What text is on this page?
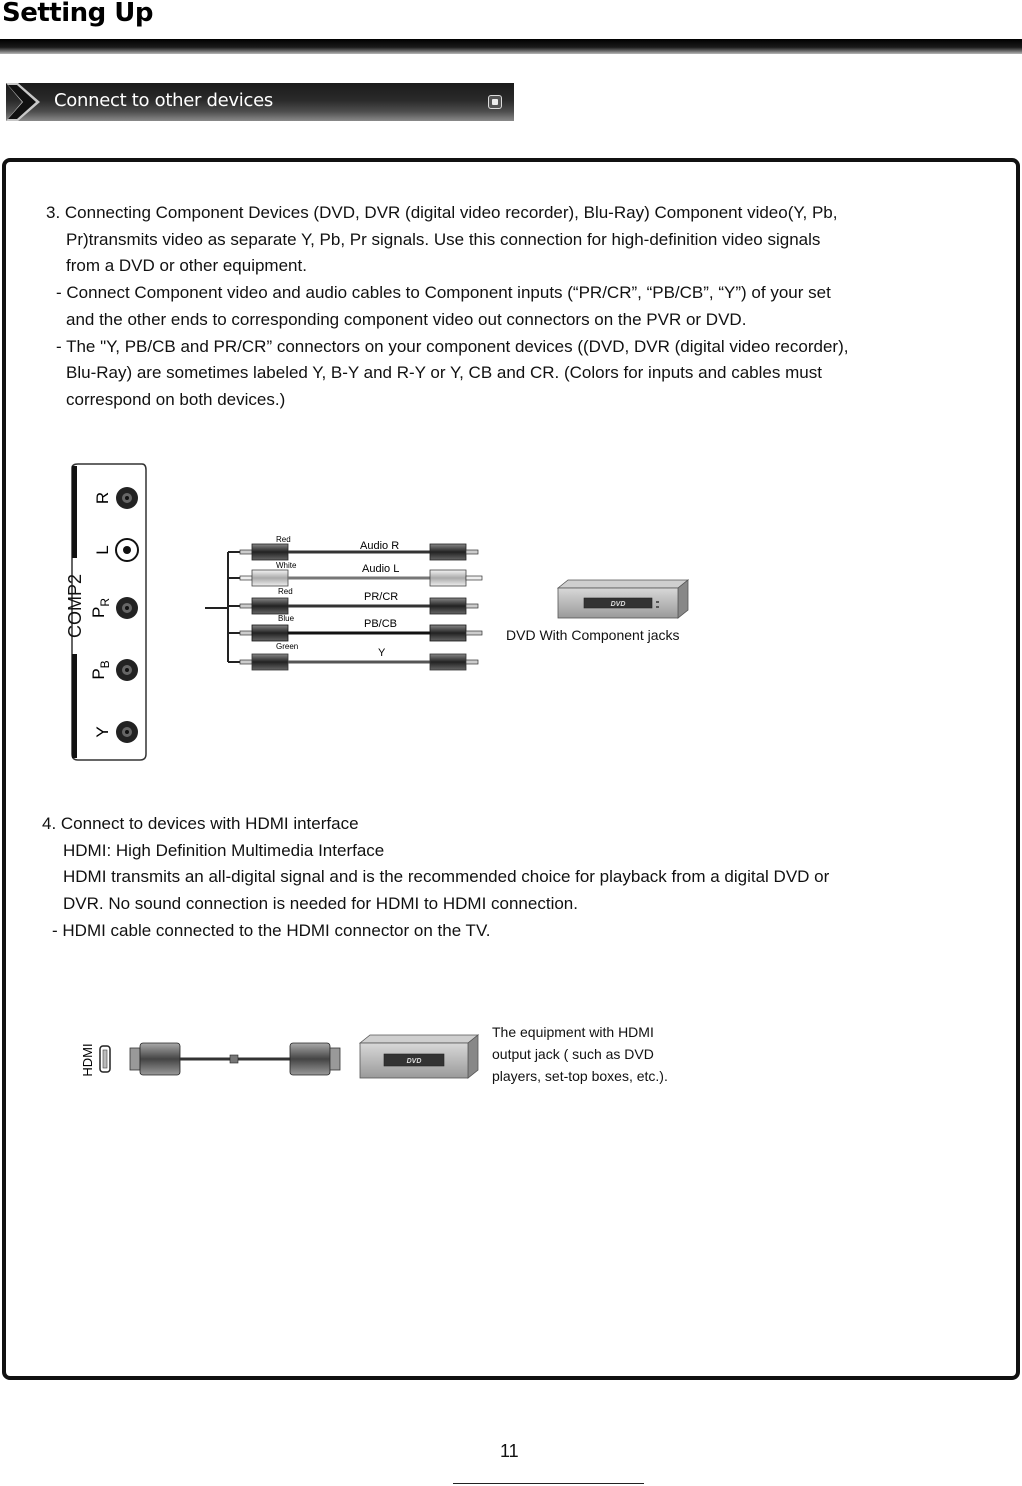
Setting Up
Connect to other devices
3. Connecting Component Devices (DVD, DVR (digital video recorder), Blu-Ray) Component video(Y, Pb,
Pr)transmits video as separate Y, Pb, Pr signals. Use this connection for high-definition video signals
from a DVD or other equipment.
- Connect Component video and audio cables to Component inputs (“PR/CR”, “PB/CB”, “Y”) of your set
and the other ends to corresponding component video out connectors on the PVR or DVD.
- The "Y, PB/CB and PR/CR” connectors on your component devices ((DVD, DVR (digital video recorder),
Blu-Ray) are sometimes labeled Y, B-Y and R-Y or Y, CB and CR. (Colors for inputs and cables must
correspond on both devices.)
COMP2
R
L
$P_R$
$P_B$
Y
Red
Audio R
White	Audio L
Red	PR/CR
Blue	PB/CB
Green
Y
DVD
DVD With Component jacks
4. Connect to devices with HDMI interface
HDMI: High Definition Multimedia Interface
HDMI transmits an all-digital signal and is the recommended choice for playback from a digital DVD or
DVR. No sound connection is needed for HDMI to HDMI connection.
- HDMI cable connected to the HDMI connector on the TV.
HDMI	DVD
The equipment with HDMI output jack ( such as DVD players, set-top boxes, etc.).
11
